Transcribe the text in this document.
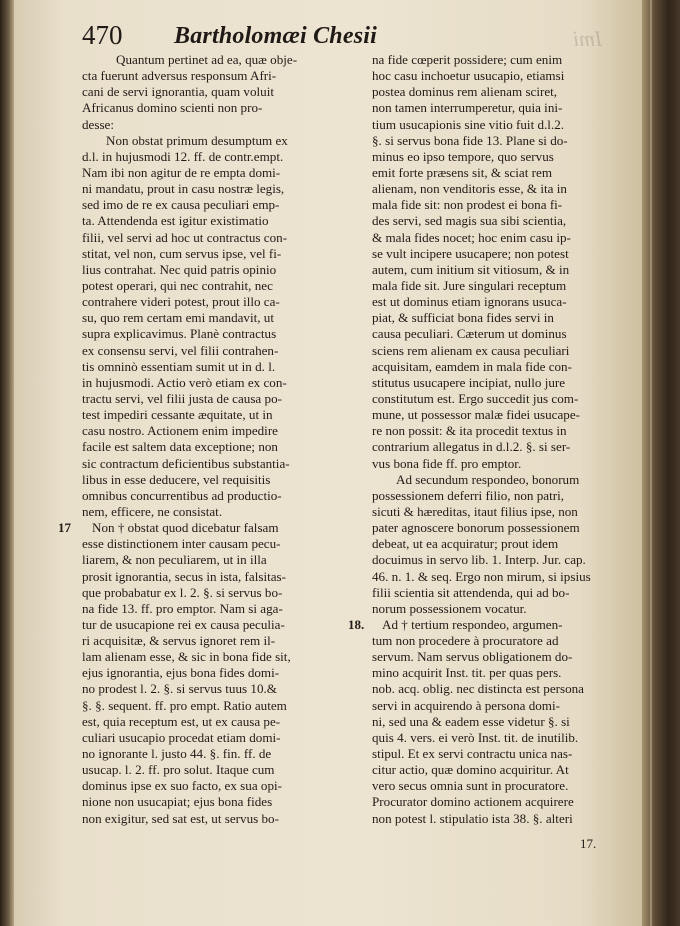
470 Bartholomæi Chesii	Imi
Quantum pertinet ad ea, quæ obje-
cta fuerunt adversus responsum Afri-
cani de servi ignorantia, quam voluit
Africanus domino scienti non pro-
desse:
Non obstat primum desumptum ex
d.l. in hujusmodi 12. ff. de contr.empt.
Nam ibi non agitur de re empta domi-
ni mandatu, prout in casu nostræ legis,
sed imo de re ex causa peculiari emp-
ta. Attendenda est igitur existimatio
filii, vel servi ad hoc ut contractus con-
stitat, vel non, cum servus ipse, vel fi-
lius contrahat. Nec quid patris opinio
potest operari, qui nec contrahit, nec
contrahere videri potest, prout illo ca-
su, quo rem certam emi mandavit, ut
supra explicavimus. Planè contractus
ex consensu servi, vel filii contrahen-
tis omninò essentiam sumit ut in d. l.
in hujusmodi. Actio verò etiam ex con-
tractu servi, vel filii justa de causa po-
test impediri cessante æquitate, ut in
casu nostro. Actionem enim impedire
facile est saltem data exceptione; non
sic contractum deficientibus substantia-
libus in esse deducere, vel requisitis
omnibus concurrentibus ad productio-
nem, efficere, ne consistat.
17 Non † obstat quod dicebatur falsam
esse distinctionem inter causam pecu-
liarem, & non peculiarem, ut in illa
prosit ignorantia, secus in ista, falsitas-
que probabatur ex l. 2. §. si servus bo-
na fide 13. ff. pro emptor. Nam si aga-
tur de usucapione rei ex causa peculia-
ri acquisitæ, & servus ignoret rem il-
lam alienam esse, & sic in bona fide sit,
ejus ignorantia, ejus bona fides domi-
no prodest l. 2. §. si servus tuus 10.&
§. §. sequent. ff. pro empt. Ratio autem
est, quia receptum est, ut ex causa pe-
culiari usucapio procedat etiam domi-
no ignorante l. justo 44. §. fin. ff. de
usucap. l. 2. ff. pro solut. Itaque cum
dominus ipse ex suo facto, ex sua opi-
nione non usucapiat; ejus bona fides
non exigitur, sed sat est, ut servus bo-
na fide cœperit possidere; cum enim
hoc casu inchoetur usucapio, etiamsi
postea dominus rem alienam sciret,
non tamen interrumperetur, quia ini-
tium usucapionis sine vitio fuit d.l.2.
§. si servus bona fide 13. Plane si do-
minus eo ipso tempore, quo servus
emit forte præsens sit, & sciat rem
alienam, non venditoris esse, & ita in
mala fide sit: non prodest ei bona fi-
des servi, sed magis sua sibi scientia,
& mala fides nocet; hoc enim casu ip-
se vult incipere usucapere; non potest
autem, cum initium sit vitiosum, & in
mala fide sit. Jure singulari receptum
est ut dominus etiam ignorans usuca-
piat, & sufficiat bona fides servi in
causa peculiari. Cæterum ut dominus
sciens rem alienam ex causa peculiari
acquisitam, eamdem in mala fide con-
stitutus usucapere incipiat, nullo jure
constitutum est. Ergo succedit jus com-
mune, ut possessor malæ fidei usucape-
re non possit: & ita procedit textus in
contrarium allegatus in d.l.2. §. si ser-
vus bona fide ff. pro emptor.
Ad secundum respondeo, bonorum
possessionem deferri filio, non patri,
sicuti & hæreditas, itaut filius ipse, non
pater agnoscere bonorum possessionem
debeat, ut ea acquiratur; prout idem
docuimus in servo lib. 1. Interp. Jur. cap.
46. n. 1. & seq. Ergo non mirum, si ipsius
filii scientia sit attendenda, qui ad bo-
norum possessionem vocatur.
18. Ad † tertium respondeo, argumen-
tum non procedere à procuratore ad
servum. Nam servus obligationem do-
mino acquirit Inst. tit. per quas pers.
nob. acq. oblig. nec distincta est persona
servi in acquirendo à persona domi-
ni, sed una & eadem esse videtur §. si
quis 4. vers. ei verò Inst. tit. de inutilib.
stipul. Et ex servi contractu unica nas-
citur actio, quæ domino acquiritur. At
vero secus omnia sunt in procuratore.
Procurator domino actionem acquirere
non potest l. stipulatio ista 38. §. alteri
17.
